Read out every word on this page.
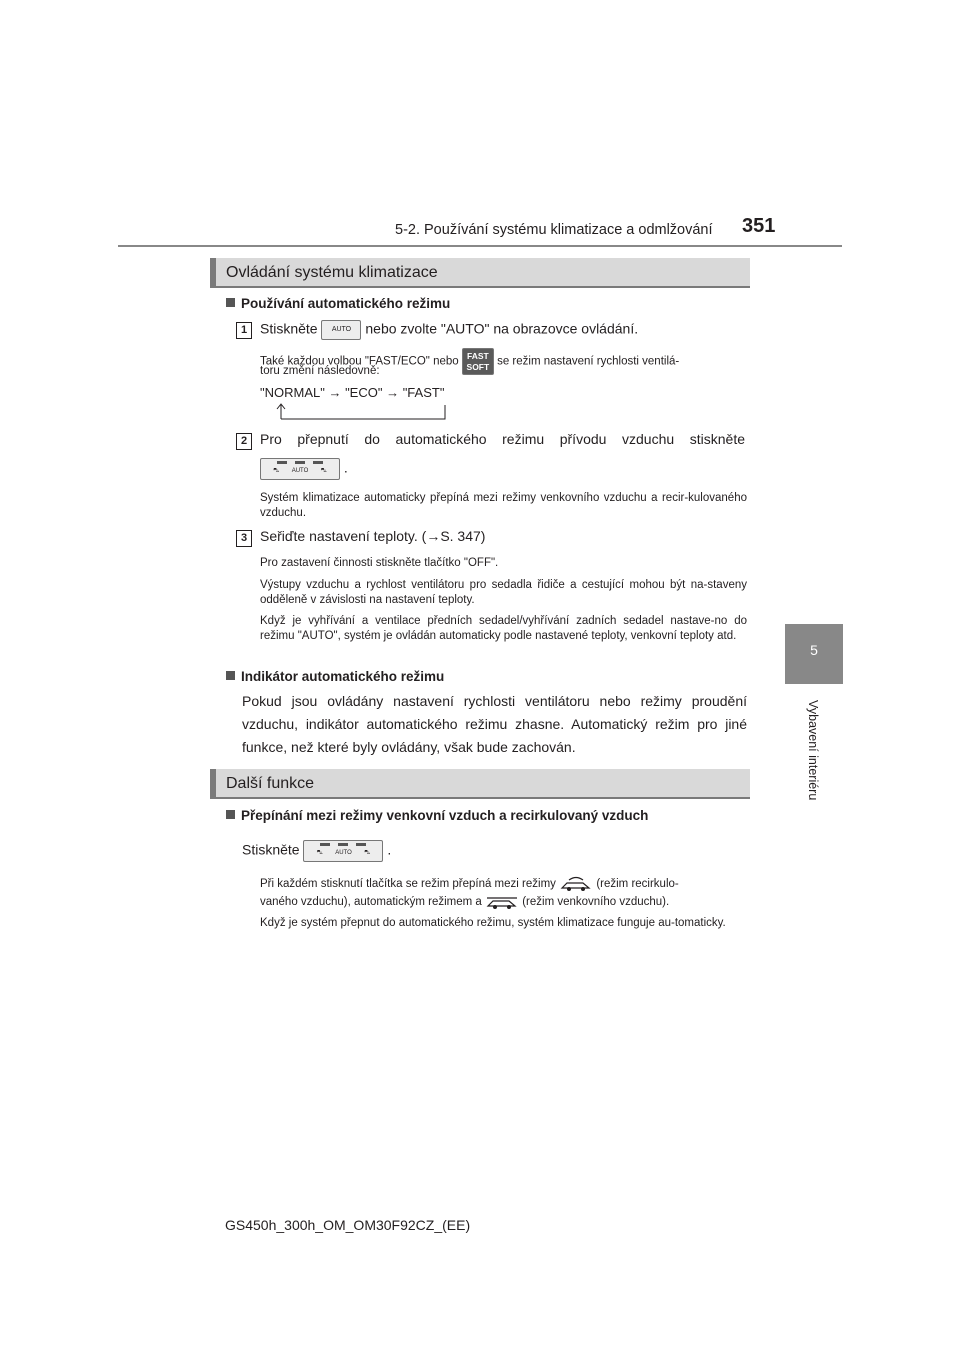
5-2. Používání systému klimatizace a odmlžování 351
5
Vybavení interiéru
Ovládání systému klimatizace
Používání automatického režimu
1 Stiskněte AUTO nebo zvolte "AUTO" na obrazovce ovládání.
Také každou volbou "FAST/ECO" nebo FAST
SOFT se režim nastavení rychlosti ventilá-
toru změní následovně:
"NORMAL" → "ECO" → "FAST"
2 Pro přepnutí do automatického režimu přívodu vzduchu stiskněte
⛍ AUTO ⛍ .
Systém klimatizace automaticky přepíná mezi režimy venkovního vzduchu a recir-kulovaného vzduchu.
3 Seřiďte nastavení teploty. (→S. 347)
Pro zastavení činnosti stiskněte tlačítko "OFF".
Výstupy vzduchu a rychlost ventilátoru pro sedadla řidiče a cestující mohou být na-staveny odděleně v závislosti na nastavení teploty.
Když je vyhřívání a ventilace předních sedadel/vyhřívání zadních sedadel nastave-no do režimu "AUTO", systém je ovládán automaticky podle nastavené teploty, venkovní teploty atd.
Indikátor automatického režimu
Pokud jsou ovládány nastavení rychlosti ventilátoru nebo režimy proudění vzduchu, indikátor automatického režimu zhasne. Automatický režim pro jiné funkce, než které byly ovládány, však bude zachován.
Další funkce
Přepínání mezi režimy venkovní vzduch a recirkulovaný vzduch
Stiskněte	⛍ AUTO ⛍ .
Při každém stisknutí tlačítka se režim přepíná mezi režimy	(režim recirkulo-
vaného vzduchu), automatickým režimem a	(režim venkovního vzduchu).
Když je systém přepnut do automatického režimu, systém klimatizace funguje au-tomaticky.
GS450h_300h_OM_OM30F92CZ_(EE)
